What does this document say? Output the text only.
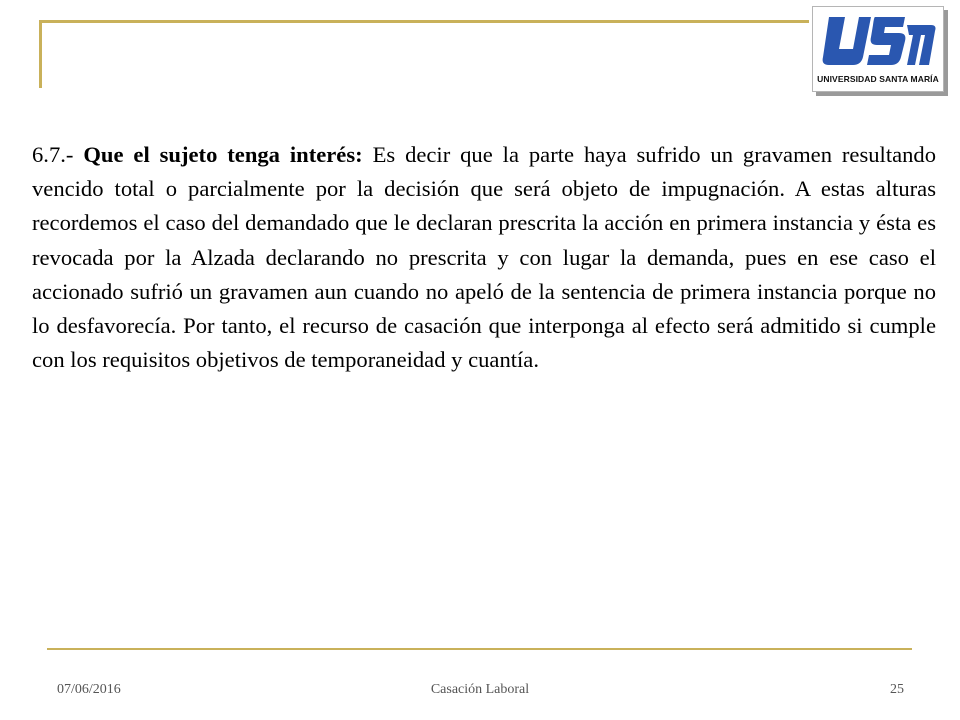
UNIVERSIDAD SANTA MARÍA

6.7.- Que el sujeto tenga interés: Es decir que la parte haya sufrido un gravamen resultando vencido total o parcialmente por la decisión que será objeto de impugnación. A estas alturas recordemos el caso del demandado que le declaran prescrita la acción en primera instancia y ésta es revocada por la Alzada declarando no prescrita y con lugar la demanda, pues en ese caso el accionado sufrió un gravamen aun cuando no apeló de la sentencia de primera instancia porque no lo desfavorecía. Por tanto, el recurso de casación que interponga al efecto será admitido si cumple con los requisitos objetivos de temporaneidad y cuantía.

07/06/2016	Casación Laboral	25
